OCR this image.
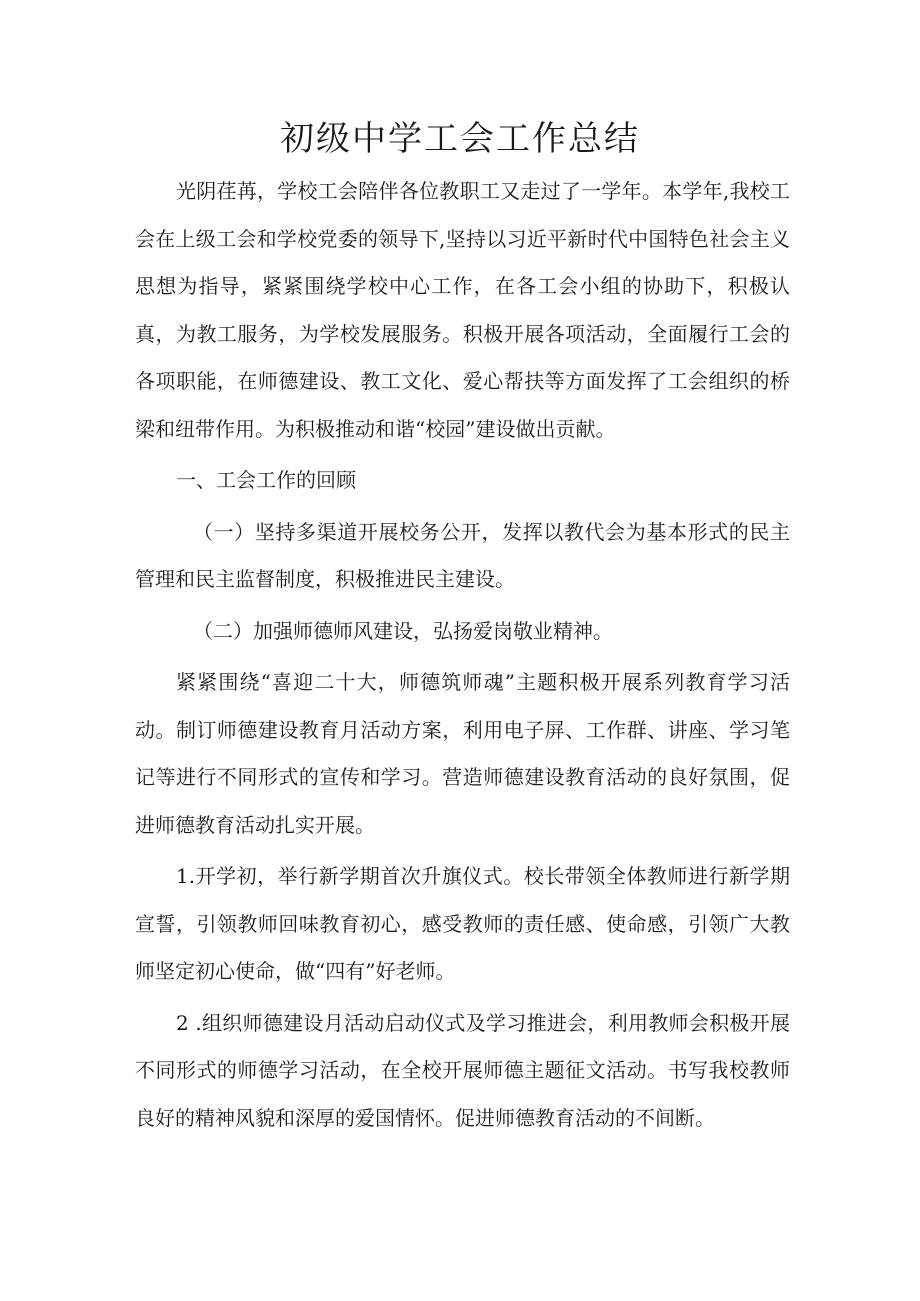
初级中学工会工作总结

光阴荏苒，学校工会陪伴各位教职工又走过了一学年。本学年,我校工会在上级工会和学校党委的领导下,坚持以习近平新时代中国特色社会主义思想为指导，紧紧围绕学校中心工作，在各工会小组的协助下，积极认真，为教工服务，为学校发展服务。积极开展各项活动，全面履行工会的各项职能，在师德建设、教工文化、爱心帮扶等方面发挥了工会组织的桥梁和纽带作用。为积极推动和谐“校园”建设做出贡献。

一、工会工作的回顾

（一）坚持多渠道开展校务公开，发挥以教代会为基本形式的民主管理和民主监督制度，积极推进民主建设。

（二）加强师德师风建设，弘扬爱岗敬业精神。

紧紧围绕“喜迎二十大，师德筑师魂”主题积极开展系列教育学习活动。制订师德建设教育月活动方案，利用电子屏、工作群、讲座、学习笔记等进行不同形式的宣传和学习。营造师德建设教育活动的良好氛围，促进师德教育活动扎实开展。

1.开学初，举行新学期首次升旗仪式。校长带领全体教师进行新学期宣誓，引领教师回味教育初心，感受教师的责任感、使命感，引领广大教师坚定初心使命，做“四有”好老师。

2 .组织师德建设月活动启动仪式及学习推进会，利用教师会积极开展不同形式的师德学习活动，在全校开展师德主题征文活动。书写我校教师良好的精神风貌和深厚的爱国情怀。促进师德教育活动的不间断。
